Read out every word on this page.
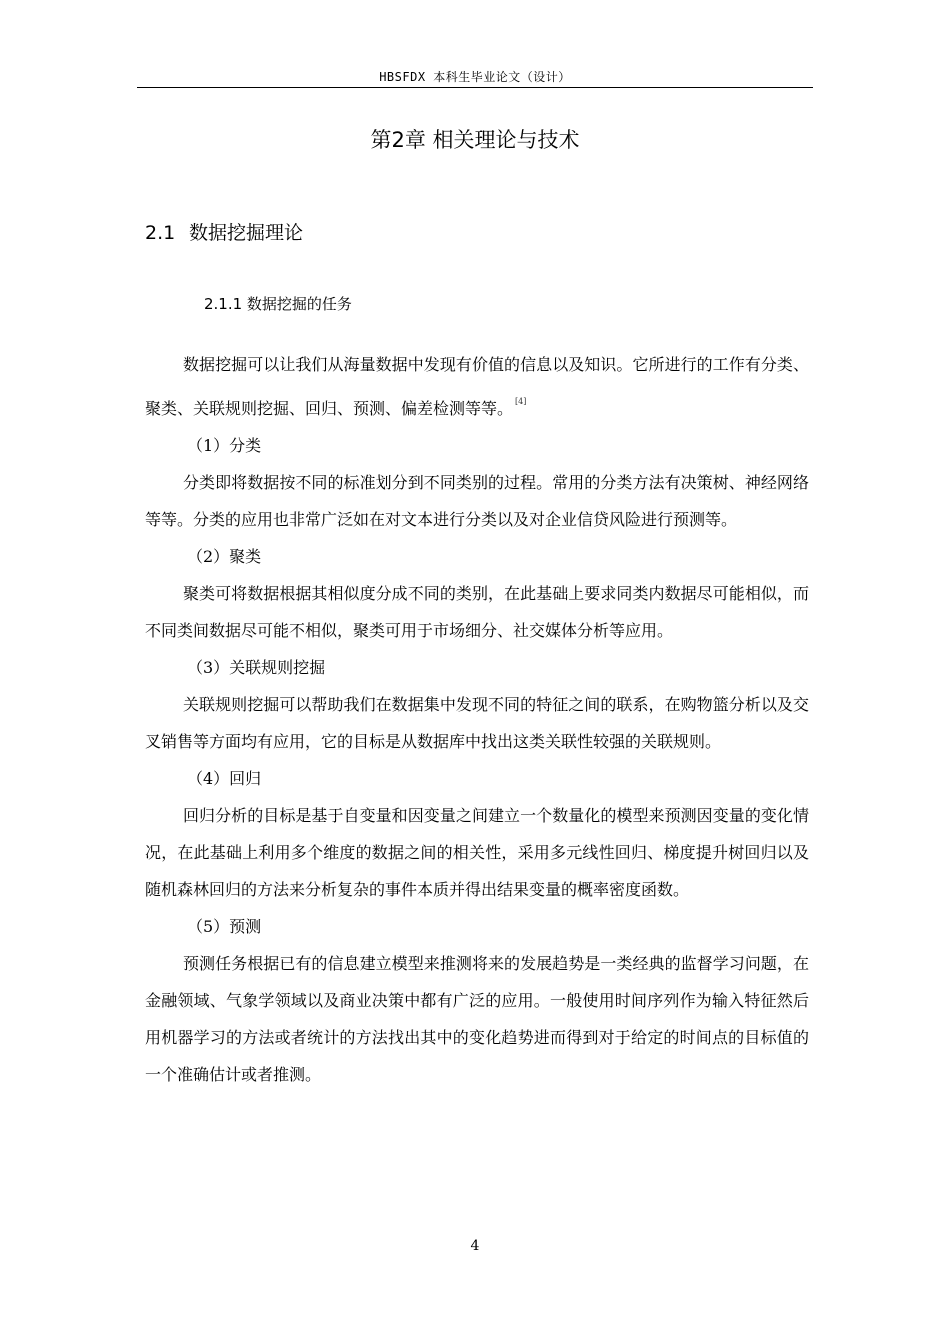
HBSFDX 本科生毕业论文（设计）
第2章 相关理论与技术
2.1 数据挖掘理论
2.1.1 数据挖掘的任务

数据挖掘可以让我们从海量数据中发现有价值的信息以及知识。它所进行的工作有分类、聚类、关联规则挖掘、回归、预测、偏差检测等等。 [4]

（1）分类

分类即将数据按不同的标准划分到不同类别的过程。常用的分类方法有决策树、神经网络等等。分类的应用也非常广泛如在对文本进行分类以及对企业信贷风险进行预测等。

（2）聚类

聚类可将数据根据其相似度分成不同的类别，在此基础上要求同类内数据尽可能相似，而不同类间数据尽可能不相似，聚类可用于市场细分、社交媒体分析等应用。

（3）关联规则挖掘

关联规则挖掘可以帮助我们在数据集中发现不同的特征之间的联系，在购物篮分析以及交叉销售等方面均有应用，它的目标是从数据库中找出这类关联性较强的关联规则。

（4）回归

回归分析的目标是基于自变量和因变量之间建立一个数量化的模型来预测因变量的变化情况，在此基础上利用多个维度的数据之间的相关性，采用多元线性回归、梯度提升树回归以及随机森林回归的方法来分析复杂的事件本质并得出结果变量的概率密度函数。

（5）预测

预测任务根据已有的信息建立模型来推测将来的发展趋势是一类经典的监督学习问题，在金融领域、气象学领域以及商业决策中都有广泛的应用。一般使用时间序列作为输入特征然后用机器学习的方法或者统计的方法找出其中的变化趋势进而得到对于给定的时间点的目标值的一个准确估计或者推测。

4
